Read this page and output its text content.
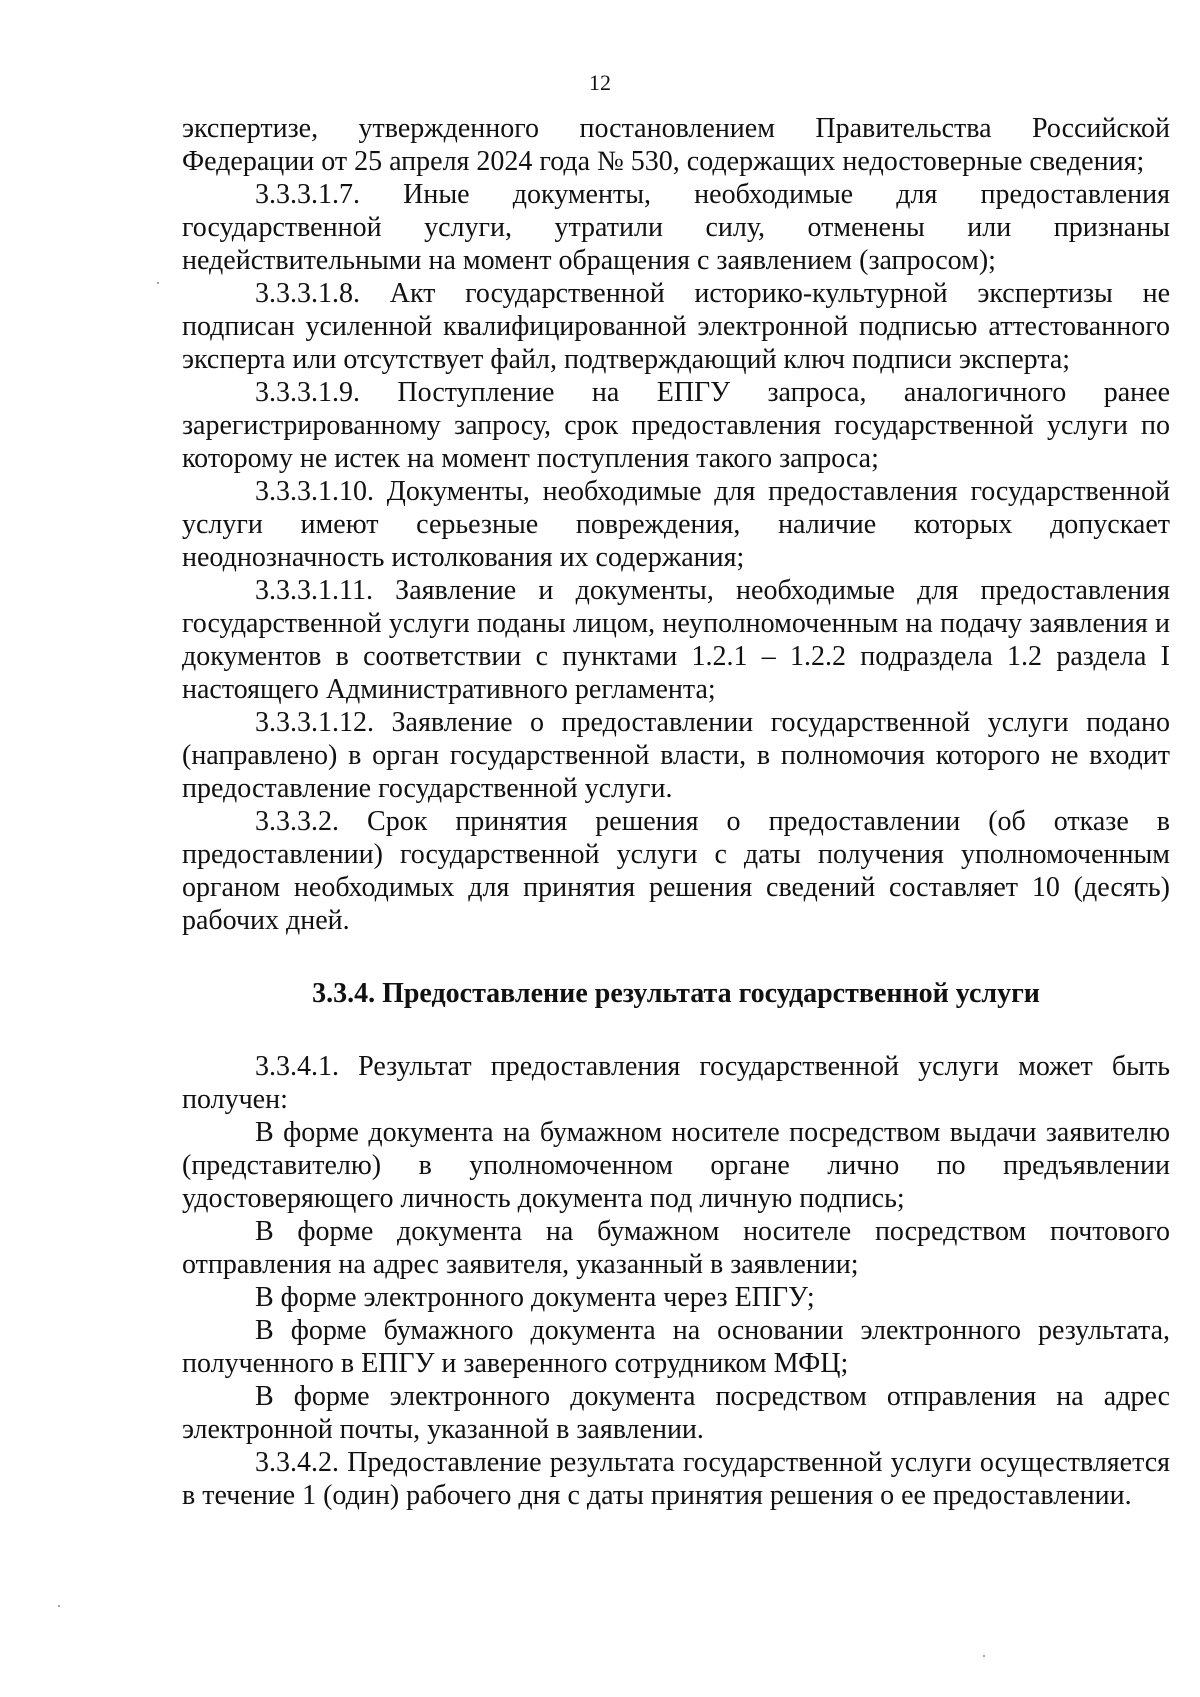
12

экспертизе, утвержденного постановлением Правительства Российской Федерации от 25 апреля 2024 года № 530, содержащих недостоверные сведения;

3.3.3.1.7. Иные документы, необходимые для предоставления государственной услуги, утратили силу, отменены или признаны недействительными на момент обращения с заявлением (запросом);

3.3.3.1.8. Акт государственной историко-культурной экспертизы не подписан усиленной квалифицированной электронной подписью аттестованного эксперта или отсутствует файл, подтверждающий ключ подписи эксперта;

3.3.3.1.9. Поступление на ЕПГУ запроса, аналогичного ранее зарегистрированному запросу, срок предоставления государственной услуги по которому не истек на момент поступления такого запроса;

3.3.3.1.10. Документы, необходимые для предоставления государственной услуги имеют серьезные повреждения, наличие которых допускает неоднозначность истолкования их содержания;

3.3.3.1.11. Заявление и документы, необходимые для предоставления государственной услуги поданы лицом, неуполномоченным на подачу заявления и документов в соответствии с пунктами 1.2.1 – 1.2.2 подраздела 1.2 раздела I настоящего Административного регламента;

3.3.3.1.12. Заявление о предоставлении государственной услуги подано (направлено) в орган государственной власти, в полномочия которого не входит предоставление государственной услуги.

3.3.3.2. Срок принятия решения о предоставлении (об отказе в предоставлении) государственной услуги с даты получения уполномоченным органом необходимых для принятия решения сведений составляет 10 (десять) рабочих дней.

3.3.4. Предоставление результата государственной услуги

3.3.4.1. Результат предоставления государственной услуги может быть получен:

В форме документа на бумажном носителе посредством выдачи заявителю (представителю) в уполномоченном органе лично по предъявлении удостоверяющего личность документа под личную подпись;

В форме документа на бумажном носителе посредством почтового отправления на адрес заявителя, указанный в заявлении;

В форме электронного документа через ЕПГУ;

В форме бумажного документа на основании электронного результата, полученного в ЕПГУ и заверенного сотрудником МФЦ;

В форме электронного документа посредством отправления на адрес электронной почты, указанной в заявлении.

3.3.4.2. Предоставление результата государственной услуги осуществляется в течение 1 (один) рабочего дня с даты принятия решения о ее предоставлении.
